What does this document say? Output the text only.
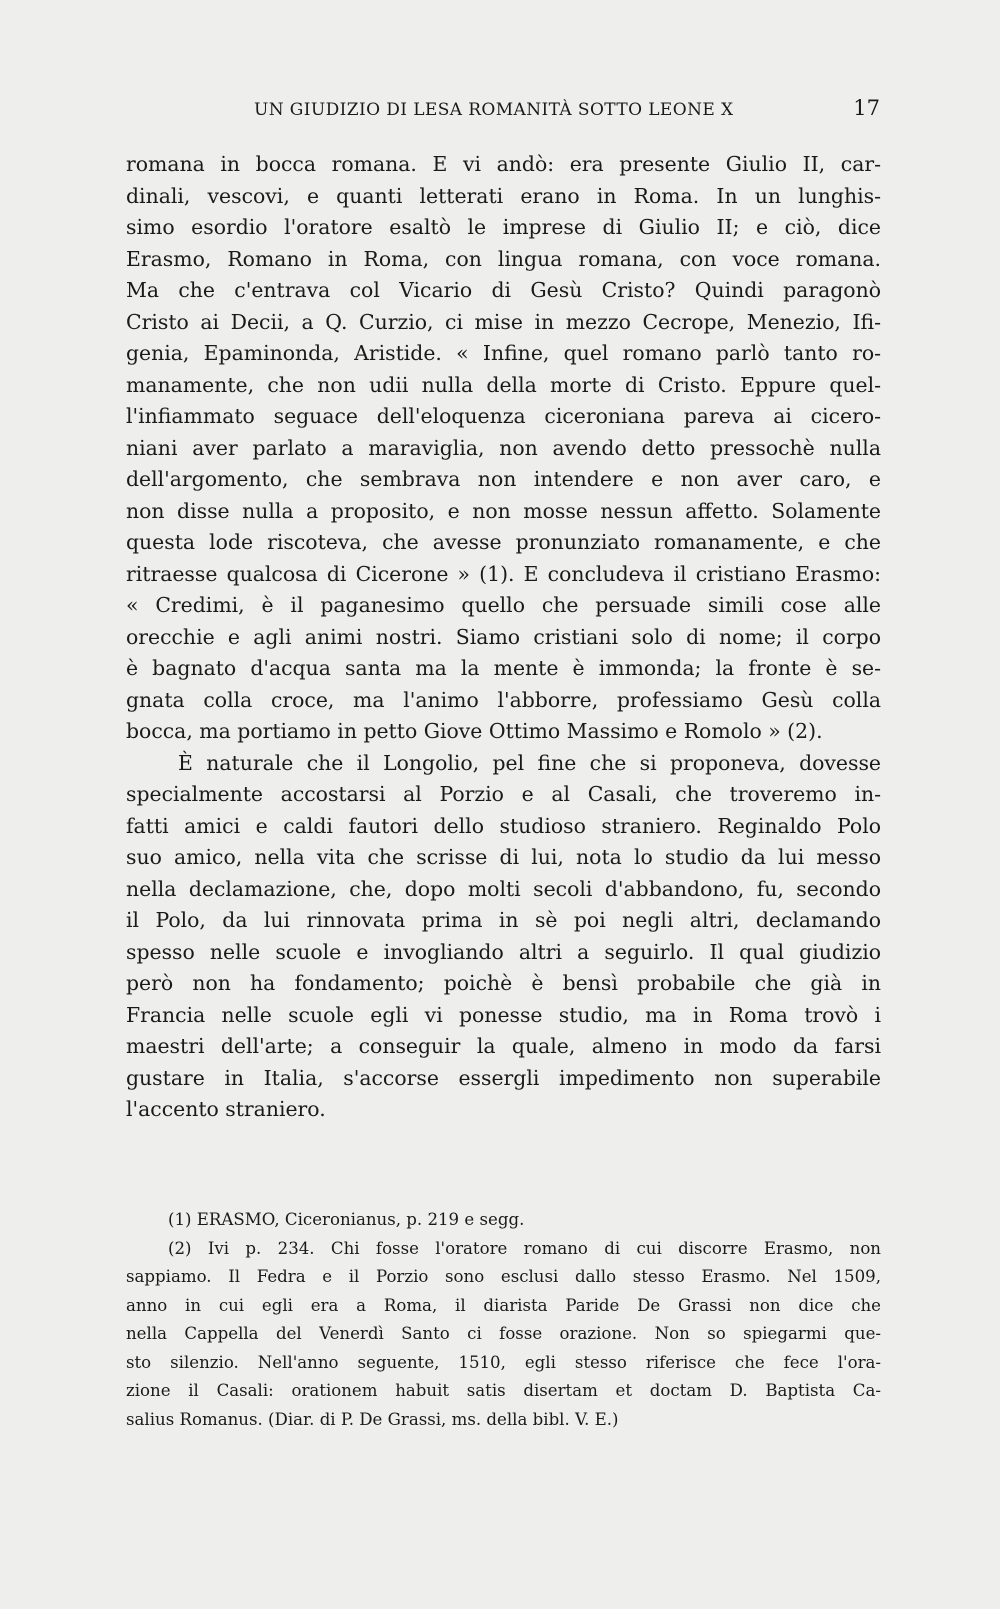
UN GIUDIZIO DI LESA ROMANITÀ SOTTO LEONE X	17
romana in bocca romana. E vi andò: era presente Giulio II, car-
dinali, vescovi, e quanti letterati erano in Roma. In un lunghis-
simo esordio l'oratore esaltò le imprese di Giulio II; e ciò, dice
Erasmo, Romano in Roma, con lingua romana, con voce romana.
Ma che c'entrava col Vicario di Gesù Cristo? Quindi paragonò
Cristo ai Decii, a Q. Curzio, ci mise in mezzo Cecrope, Menezio, Ifi-
genia, Epaminonda, Aristide. « Infine, quel romano parlò tanto ro-
manamente, che non udii nulla della morte di Cristo. Eppure quel-
l'infiammato seguace dell'eloquenza ciceroniana pareva ai cicero-
niani aver parlato a maraviglia, non avendo detto pressochè nulla
dell'argomento, che sembrava non intendere e non aver caro, e
non disse nulla a proposito, e non mosse nessun affetto. Solamente
questa lode riscoteva, che avesse pronunziato romanamente, e che
ritraesse qualcosa di Cicerone » (1). E concludeva il cristiano Erasmo:
« Credimi, è il paganesimo quello che persuade simili cose alle
orecchie e agli animi nostri. Siamo cristiani solo di nome; il corpo
è bagnato d'acqua santa ma la mente è immonda; la fronte è se-
gnata colla croce, ma l'animo l'abborre, professiamo Gesù colla
bocca, ma portiamo in petto Giove Ottimo Massimo e Romolo » (2).
È naturale che il Longolio, pel fine che si proponeva, dovesse
specialmente accostarsi al Porzio e al Casali, che troveremo in-
fatti amici e caldi fautori dello studioso straniero. Reginaldo Polo
suo amico, nella vita che scrisse di lui, nota lo studio da lui messo
nella declamazione, che, dopo molti secoli d'abbandono, fu, secondo
il Polo, da lui rinnovata prima in sè poi negli altri, declamando
spesso nelle scuole e invogliando altri a seguirlo. Il qual giudizio
però non ha fondamento; poichè è bensì probabile che già in
Francia nelle scuole egli vi ponesse studio, ma in Roma trovò i
maestri dell'arte; a conseguir la quale, almeno in modo da farsi
gustare in Italia, s'accorse essergli impedimento non superabile
l'accento straniero.
(1) ERASMO, Ciceronianus, p. 219 e segg.
(2) Ivi p. 234. Chi fosse l'oratore romano di cui discorre Erasmo, non
sappiamo. Il Fedra e il Porzio sono esclusi dallo stesso Erasmo. Nel 1509,
anno in cui egli era a Roma, il diarista Paride De Grassi non dice che
nella Cappella del Venerdì Santo ci fosse orazione. Non so spiegarmi que-
sto silenzio. Nell'anno seguente, 1510, egli stesso riferisce che fece l'ora-
zione il Casali: orationem habuit satis disertam et doctam D. Baptista Ca-
salius Romanus. (Diar. di P. De Grassi, ms. della bibl. V. E.)
